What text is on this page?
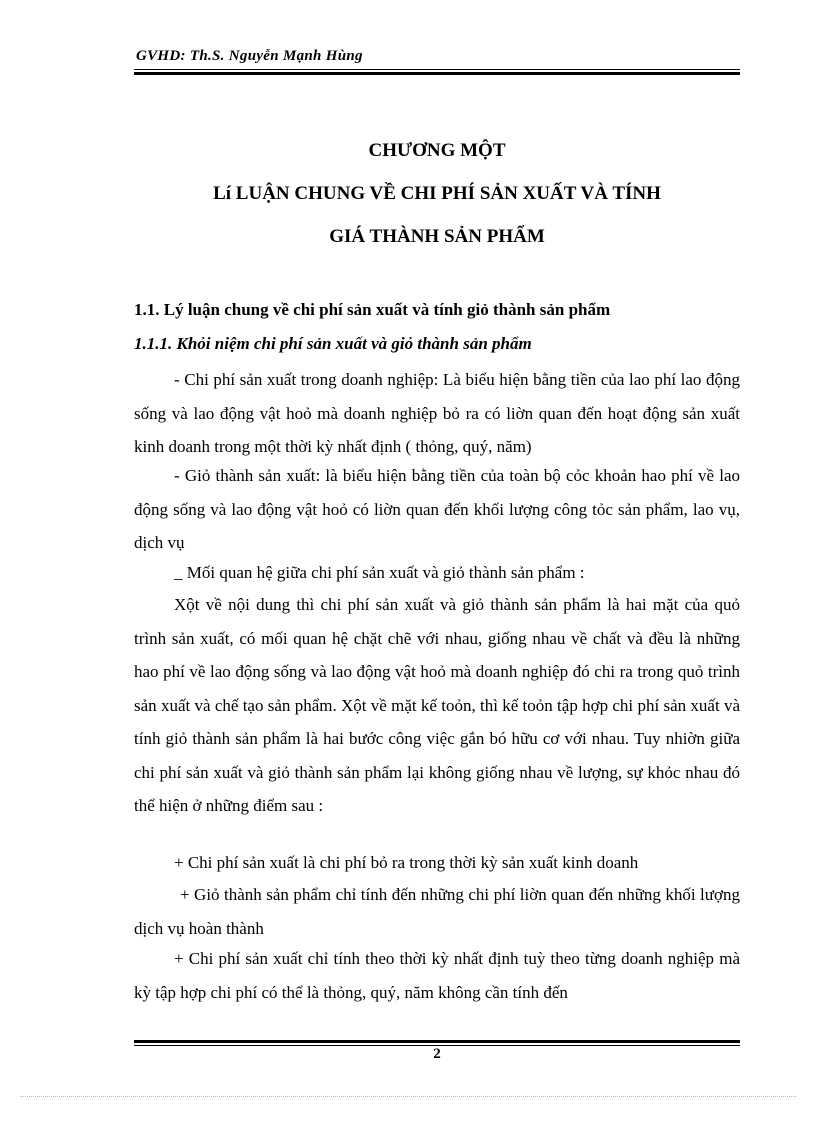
GVHD: Th.S. Nguyễn Mạnh Hùng
CHƯƠNG MỘT
Lí LUẬN CHUNG VỀ CHI PHÍ SẢN XUẤT VÀ TÍNH
GIÁ THÀNH SẢN PHẨM
1.1. Lý luận chung về chi phí sản xuất và tính giỏ thành sản phẩm
1.1.1. Khỏi niệm chi phí sản xuất và giỏ thành sản phẩm
- Chi phí sản xuất trong doanh nghiệp: Là biểu hiện bằng tiền của lao phí lao động sống và lao động vật hoỏ mà doanh nghiệp bỏ ra có liờn quan đến hoạt động sản xuất kinh doanh trong một thời kỳ nhất định ( thỏng, quý, năm)
- Giỏ thành sản xuất: là biểu hiện bằng tiền của toàn bộ cỏc khoản hao phí về lao động sống và lao động vật hoỏ có liờn quan đến khối lượng công tỏc sản phẩm, lao vụ, dịch vụ
_ Mối quan hệ giữa chi phí sản xuất và giỏ thành sản phẩm :
Xột về nội dung thì chi phí sản xuất và giỏ thành sản phẩm là hai mặt của quỏ trình sản xuất, có mối quan hệ chặt chẽ với nhau, giống nhau về chất và đều là những hao phí về lao động sống và lao động vật hoỏ mà doanh nghiệp đó chi ra trong quỏ trình sản xuất và chế tạo sản phẩm. Xột về mặt kế toỏn, thì kế toỏn tập hợp chi phí sản xuất và tính giỏ thành sản phẩm là hai bước công việc gắn bó hữu cơ với nhau. Tuy nhiờn giữa chi phí sản xuất và giỏ thành sản phẩm lại không giống nhau về lượng, sự khỏc nhau đó thể hiện ở những điểm sau :
+ Chi phí sản xuất là chi phí bỏ ra trong thời kỳ sản xuất kinh doanh
+ Giỏ thành sản phẩm chỉ tính đến những chi phí liờn quan đến những khối lượng dịch vụ hoàn thành
+ Chi phí sản xuất chỉ tính theo thời kỳ nhất định tuỳ theo từng doanh nghiệp mà kỳ tập hợp chi phí có thể là thỏng, quý, năm không cần tính đến
2
